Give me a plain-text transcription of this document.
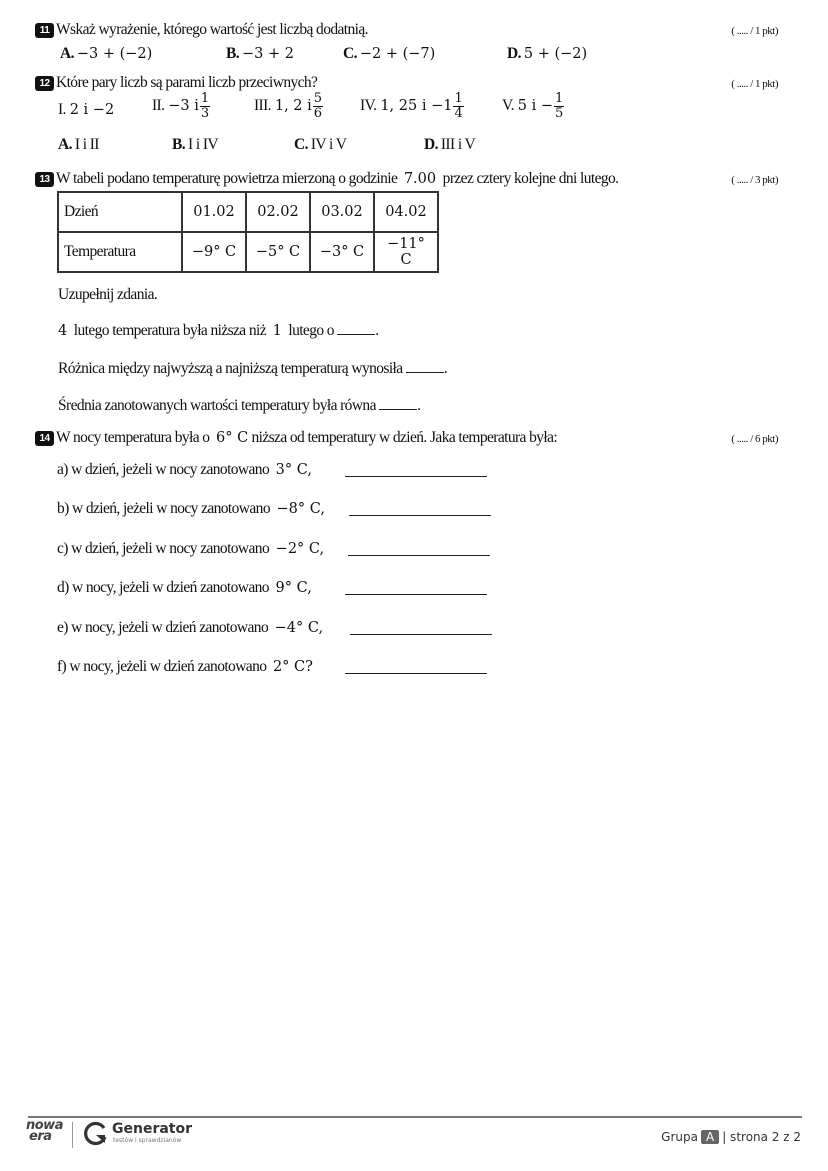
11 Wskaż wyrażenie, którego wartość jest liczbą dodatnią.	( ..... / 1 pkt)
A. −3 + (−2)	B. −3 + 2	C. −2 + (−7)	D. 5 + (−2)
12 Które pary liczb są parami liczb przeciwnych?	( ..... / 1 pkt)
I. 2 i −2 II. −3 i $\frac{1}{3}$	III. 1, 2 i $\frac{5}{6}$ IV. 1, 25 $i -1 \frac{1}{4} V$. 5 $i - \frac{1}{5}$
A. I i II	B. I i IV	C. IV i V	D. III i V
13 W tabeli podano temperaturę powietrza mierzoną o godzinie 7.00 przez cztery kolejne dni lutego.	( ..... / 3 pkt)
Dzień	01.02	02.02	03.02	04.02
Temperatura	−9° C	−5° C	−3° C	−11° C
Uzupełnij zdania.
4 lutego temperatura była niższa niż 1 lutego o	.
Różnica między najwyższą a najniższą temperaturą wynosiła	.
Średnia zanotowanych wartości temperatury była równa	.
14 W nocy temperatura była o 6° C niższa od temperatury w dzień. Jaka temperatura była:	( ..... / 6 pkt)
a) w dzień, jeżeli w nocy zanotowano 3° C,
b) w dzień, jeżeli w nocy zanotowano −8° C,
c) w dzień, jeżeli w nocy zanotowano −2° C,
d) w nocy, jeżeli w dzień zanotowano 9° C,
e) w nocy, jeżeli w dzień zanotowano −4° C,
f) w nocy, jeżeli w dzień zanotowano 2° C?
nowa
era	Generator
testów i sprawdzianów	Grupa A | strona 2 z 2
